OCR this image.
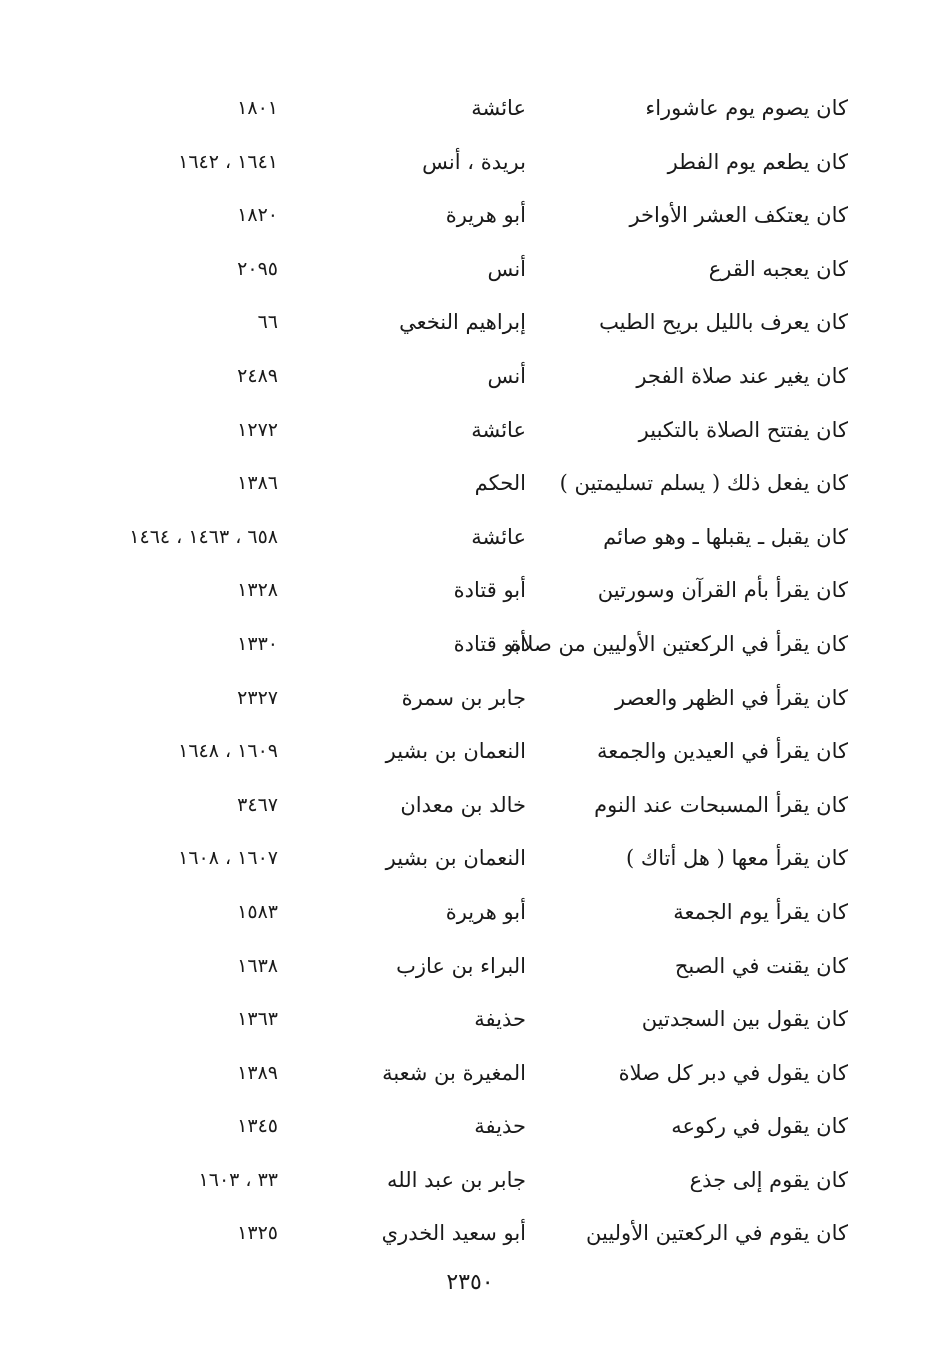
كان يصوم يوم عاشوراء
عائشة
١٨٠١
كان يطعم يوم الفطر
بريدة ، أنس
١٦٤١ ، ١٦٤٢
كان يعتكف العشر الأواخر
أبو هريرة
١٨٢٠
كان يعجبه القرع
أنس
٢٠٩٥
كان يعرف بالليل بريح الطيب
إبراهيم النخعي
٦٦
كان يغير عند صلاة الفجر
أنس
٢٤٨٩
كان يفتتح الصلاة بالتكبير
عائشة
١٢٧٢
كان يفعل ذلك ( يسلم تسليمتين )
الحكم
١٣٨٦
كان يقبل ـ يقبلها ـ وهو صائم
عائشة
٦٥٨ ، ١٤٦٣ ، ١٤٦٤
كان يقرأ بأم القرآن وسورتين
أبو قتادة
١٣٢٨
كان يقرأ في الركعتين الأوليين من صلاة
أبو قتادة
١٣٣٠
كان يقرأ في الظهر والعصر
جابر بن سمرة
٢٣٢٧
كان يقرأ في العيدين والجمعة
النعمان بن بشير
١٦٠٩ ، ١٦٤٨
كان يقرأ المسبحات عند النوم
خالد بن معدان
٣٤٦٧
كان يقرأ معها ( هل أتاك )
النعمان بن بشير
١٦٠٧ ، ١٦٠٨
كان يقرأ يوم الجمعة
أبو هريرة
١٥٨٣
كان يقنت في الصبح
البراء بن عازب
١٦٣٨
كان يقول بين السجدتين
حذيفة
١٣٦٣
كان يقول في دبر كل صلاة
المغيرة بن شعبة
١٣٨٩
كان يقول في ركوعه
حذيفة
١٣٤٥
كان يقوم إلى جذع
جابر بن عبد الله
٣٣ ، ١٦٠٣
كان يقوم في الركعتين الأوليين
أبو سعيد الخدري
١٣٢٥
٢٣٥٠
